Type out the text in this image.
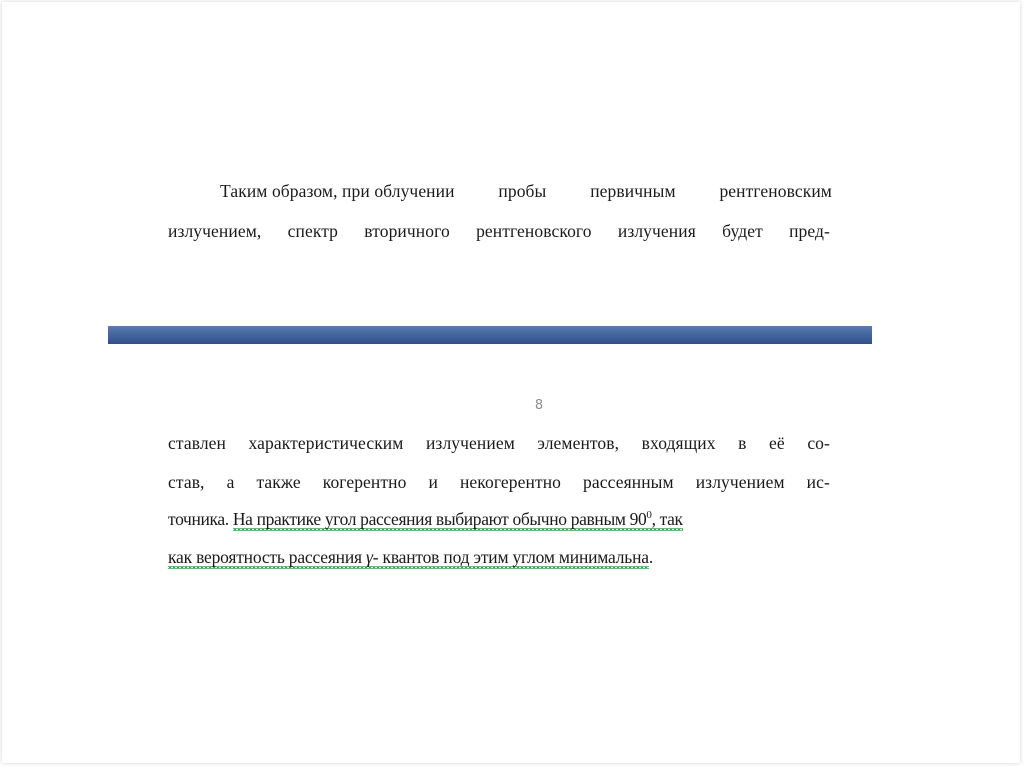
Таким образом, при облучении	пробы	первичным	рентгеновским
излучением, спектр вторичного рентгеновского излучения будет пред-
8
ставлен характеристическим излучением элементов, входящих в её со-
став, а также когерентно и некогерентно рассеянным излучением ис-
точника. На практике угол рассеяния выбирают обычно равным $90^0$, так
как вероятность рассеяния γ- квантов под этим углом минимальна.
